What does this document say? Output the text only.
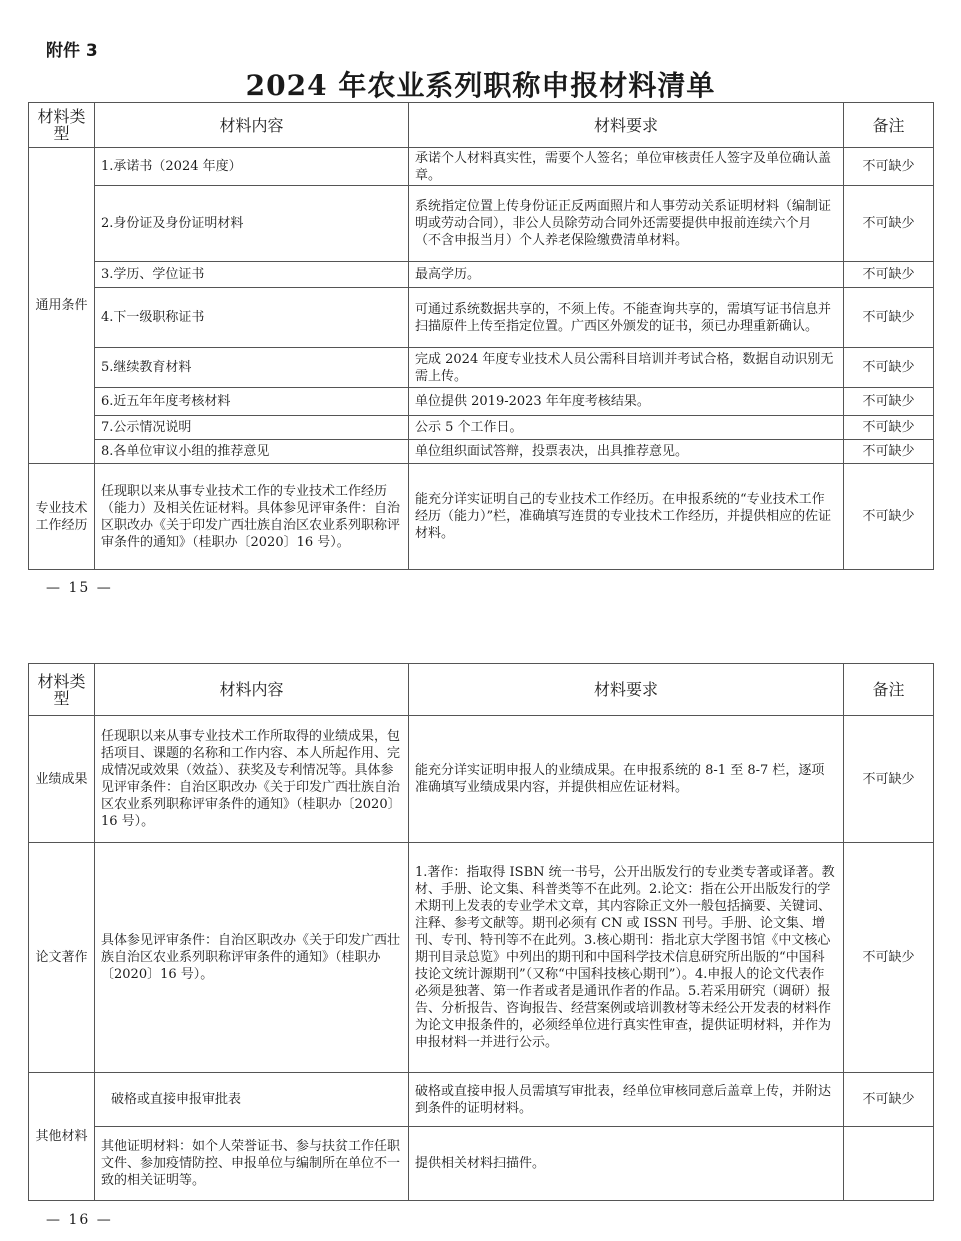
附件 3
2024 年农业系列职称申报材料清单
材料类型	材料内容	材料要求	备注
通用条件	1.承诺书（2024 年度）	承诺个人材料真实性，需要个人签名；单位审核责任人签字及单位确认盖章。	不可缺少
	2.身份证及身份证明材料	系统指定位置上传身份证正反两面照片和人事劳动关系证明材料（编制证明或劳动合同），非公人员除劳动合同外还需要提供申报前连续六个月（不含申报当月）个人养老保险缴费清单材料。	不可缺少
	3.学历、学位证书	最高学历。	不可缺少
	4.下一级职称证书	可通过系统数据共享的，不须上传。不能查询共享的，需填写证书信息并扫描原件上传至指定位置。广西区外颁发的证书，须已办理重新确认。	不可缺少
	5.继续教育材料	完成 2024 年度专业技术人员公需科目培训并考试合格，数据自动识别无需上传。	不可缺少
	6.近五年年度考核材料	单位提供 2019-2023 年年度考核结果。	不可缺少
	7.公示情况说明	公示 5 个工作日。	不可缺少
	8.各单位审议小组的推荐意见	单位组织面试答辩，投票表决，出具推荐意见。	不可缺少
专业技术工作经历	任现职以来从事专业技术工作的专业技术工作经历（能力）及相关佐证材料。具体参见评审条件：自治区职改办《关于印发广西壮族自治区农业系列职称评审条件的通知》（桂职办〔2020〕16 号）。	能充分详实证明自己的专业技术工作经历。在申报系统的“专业技术工作经历（能力）”栏，准确填写连贯的专业技术工作经历，并提供相应的佐证材料。	不可缺少
— 15 —
材料类型	材料内容	材料要求	备注
业绩成果	任现职以来从事专业技术工作所取得的业绩成果，包括项目、课题的名称和工作内容、本人所起作用、完成情况或效果（效益）、获奖及专利情况等。具体参见评审条件：自治区职改办《关于印发广西壮族自治区农业系列职称评审条件的通知》（桂职办〔2020〕16 号）。	能充分详实证明申报人的业绩成果。在申报系统的 8-1 至 8-7 栏，逐项准确填写业绩成果内容，并提供相应佐证材料。	不可缺少
论文著作	具体参见评审条件：自治区职改办《关于印发广西壮族自治区农业系列职称评审条件的通知》（桂职办〔2020〕16 号）。	1.著作：指取得 ISBN 统一书号，公开出版发行的专业类专著或译著。教材、手册、论文集、科普类等不在此列。2.论文：指在公开出版发行的学术期刊上发表的专业学术文章，其内容除正文外一般包括摘要、关键词、注释、参考文献等。期刊必须有 CN 或 ISSN 刊号。手册、论文集、增刊、专刊、特刊等不在此列。3.核心期刊：指北京大学图书馆《中文核心期刊目录总览》中列出的期刊和中国科学技术信息研究所出版的“中国科技论文统计源期刊”（又称“中国科技核心期刊”）。4.申报人的论文代表作必须是独著、第一作者或者是通讯作者的作品。5.若采用研究（调研）报告、分析报告、咨询报告、经营案例或培训教材等未经公开发表的材料作为论文申报条件的，必须经单位进行真实性审查，提供证明材料，并作为申报材料一并进行公示。	不可缺少
其他材料	破格或直接申报审批表	破格或直接申报人员需填写审批表，经单位审核同意后盖章上传，并附达到条件的证明材料。	不可缺少
	其他证明材料：如个人荣誉证书、参与扶贫工作任职文件、参加疫情防控、申报单位与编制所在单位不一致的相关证明等。	提供相关材料扫描件。	
— 16 —
